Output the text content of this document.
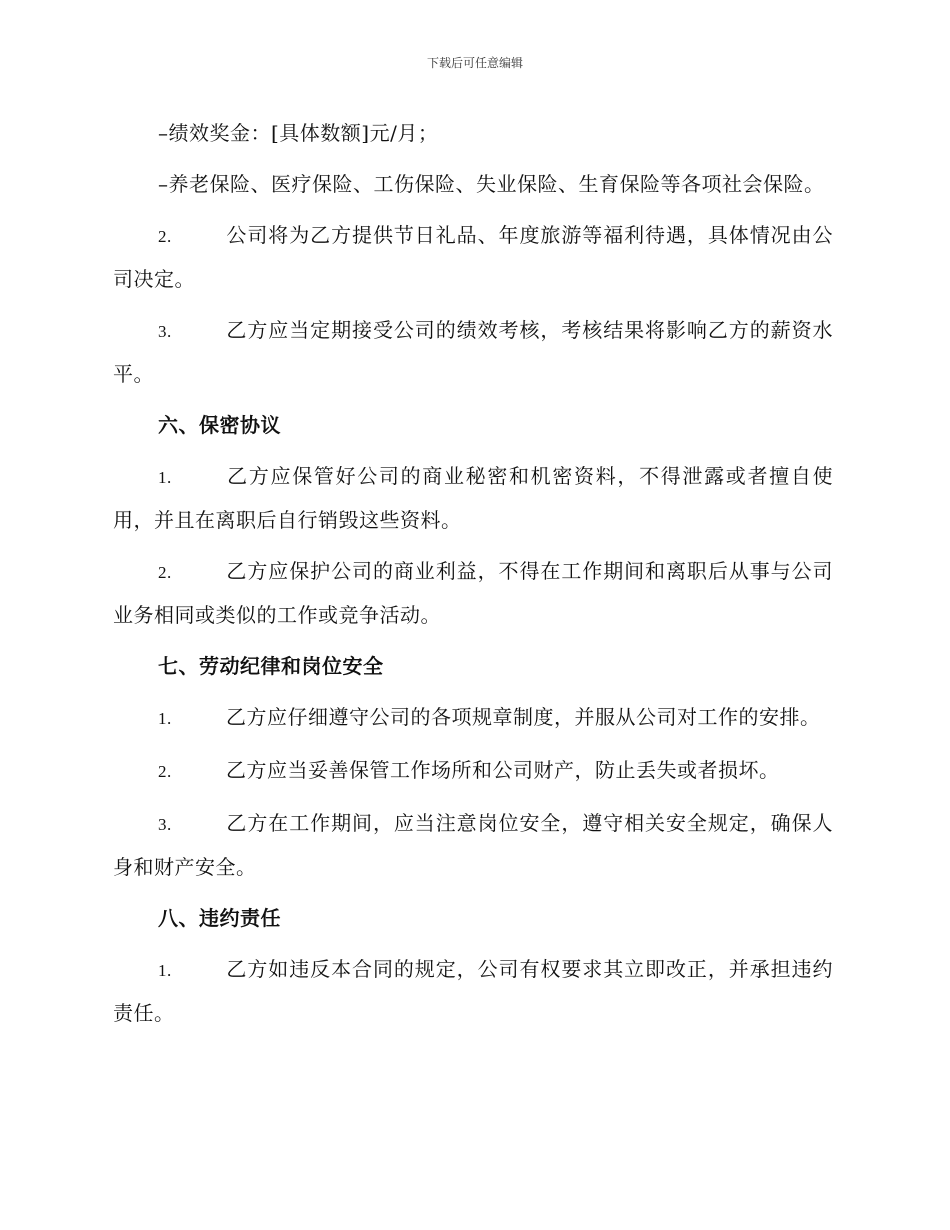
下载后可任意编辑

–绩效奖金：[具体数额]元/月；

–养老保险、医疗保险、工伤保险、失业保险、生育保险等各项社会保险。

2.	公司将为乙方提供节日礼品、年度旅游等福利待遇，具体情况由公司决定。

3.	乙方应当定期接受公司的绩效考核，考核结果将影响乙方的薪资水平。

六、保密协议

1.	乙方应保管好公司的商业秘密和机密资料，不得泄露或者擅自使用，并且在离职后自行销毁这些资料。

2.	乙方应保护公司的商业利益，不得在工作期间和离职后从事与公司业务相同或类似的工作或竞争活动。

七、劳动纪律和岗位安全

1.	乙方应仔细遵守公司的各项规章制度，并服从公司对工作的安排。

2.	乙方应当妥善保管工作场所和公司财产，防止丢失或者损坏。

3.	乙方在工作期间，应当注意岗位安全，遵守相关安全规定，确保人身和财产安全。

八、违约责任

1.	乙方如违反本合同的规定，公司有权要求其立即改正，并承担违约责任。
